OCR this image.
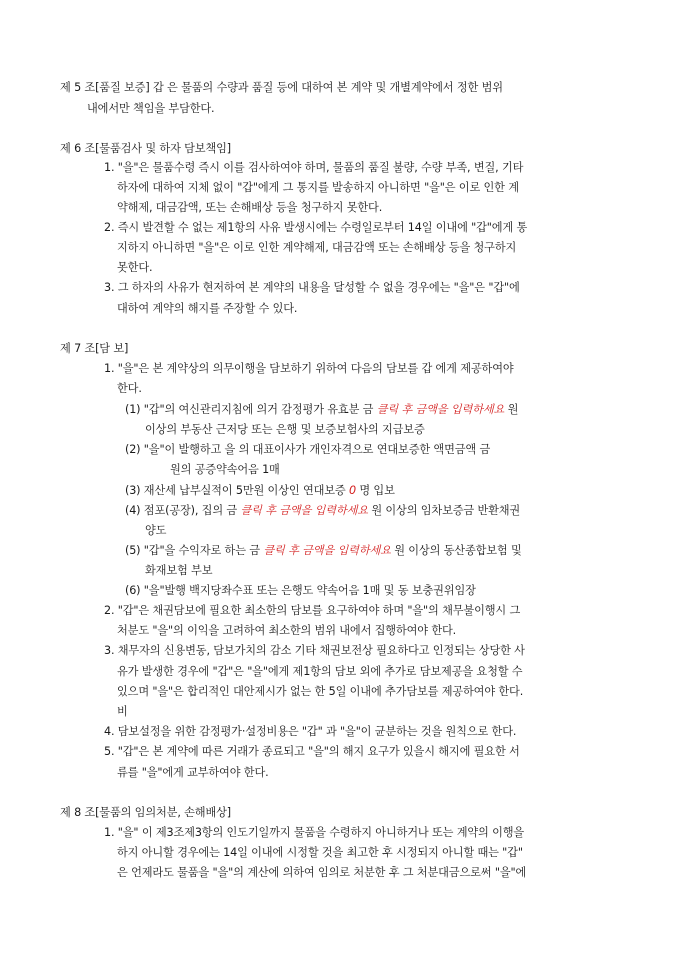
제 5 조[품질 보증] 갑 은 물품의 수량과 품질 등에 대하여 본 계약 및 개별계약에서 정한 범위
내에서만 책임을 부담한다.
제 6 조[물품검사 및 하자 담보책임]
1. "을"은 물품수령 즉시 이를 검사하여야 하며, 물품의 품질 불량, 수량 부족, 변질, 기타
하자에 대하여 지체 없이 "갑"에게 그 통지를 발송하지 아니하면 "을"은 이로 인한 계
약해제, 대금감액, 또는 손해배상 등을 청구하지 못한다.
2. 즉시 발견할 수 없는 제1항의 사유 발생시에는 수령일로부터 14일 이내에 "갑"에게 통
지하지 아니하면 "을"은 이로 인한 계약해제, 대금감액 또는 손해배상 등을 청구하지
못한다.
3. 그 하자의 사유가 현저하여 본 계약의 내용을 달성할 수 없을 경우에는 "을"은 "갑"에
대하여 계약의 해지를 주장할 수 있다.
제 7 조[담 보]
1. "을"은 본 계약상의 의무이행을 담보하기 위하여 다음의 담보를 갑 에게 제공하여야
한다.
(1) "갑"의 여신관리지침에 의거 감정평가 유효분 금 클릭 후 금액을 입력하세요 원
이상의 부동산 근저당 또는 은행 및 보증보험사의 지급보증
(2) "을"이 발행하고 을 의 대표이사가 개인자격으로 연대보증한 액면금액 금
원의 공증약속어음 1매
(3) 재산세 납부실적이 5만원 이상인 연대보증 0 명 입보
(4) 점포(공장), 집의 금 클릭 후 금액을 입력하세요 원 이상의 임차보증금 반환채권
양도
(5) "갑"을 수익자로 하는 금 클릭 후 금액을 입력하세요 원 이상의 동산종합보험 및
화재보험 부보
(6) "을"발행 백지당좌수표 또는 은행도 약속어음 1매 및 동 보충권위임장
2. "갑"은 채권담보에 필요한 최소한의 담보를 요구하여야 하며 "을"의 채무불이행시 그
처분도 "을"의 이익을 고려하여 최소한의 범위 내에서 집행하여야 한다.
3. 채무자의 신용변동, 담보가치의 감소 기타 채권보전상 필요하다고 인정되는 상당한 사
유가 발생한 경우에 "갑"은 "을"에게 제1항의 담보 외에 추가로 담보제공을 요청할 수
있으며 "을"은 합리적인 대안제시가 없는 한 5일 이내에 추가담보를 제공하여야 한다.
비
4. 담보설정을 위한 감정평가·설정비용은 "갑" 과 "을"이 균분하는 것을 원칙으로 한다.
5. "갑"은 본 계약에 따른 거래가 종료되고 "을"의 해지 요구가 있을시 해지에 필요한 서
류를 "을"에게 교부하여야 한다.
제 8 조[물품의 임의처분, 손해배상]
1. "을" 이 제3조제3항의 인도기일까지 물품을 수령하지 아니하거나 또는 계약의 이행을
하지 아니할 경우에는 14일 이내에 시정할 것을 최고한 후 시정되지 아니할 때는 "갑"
은 언제라도 물품을 "을"의 계산에 의하여 임의로 처분한 후 그 처분대금으로써 "을"에
